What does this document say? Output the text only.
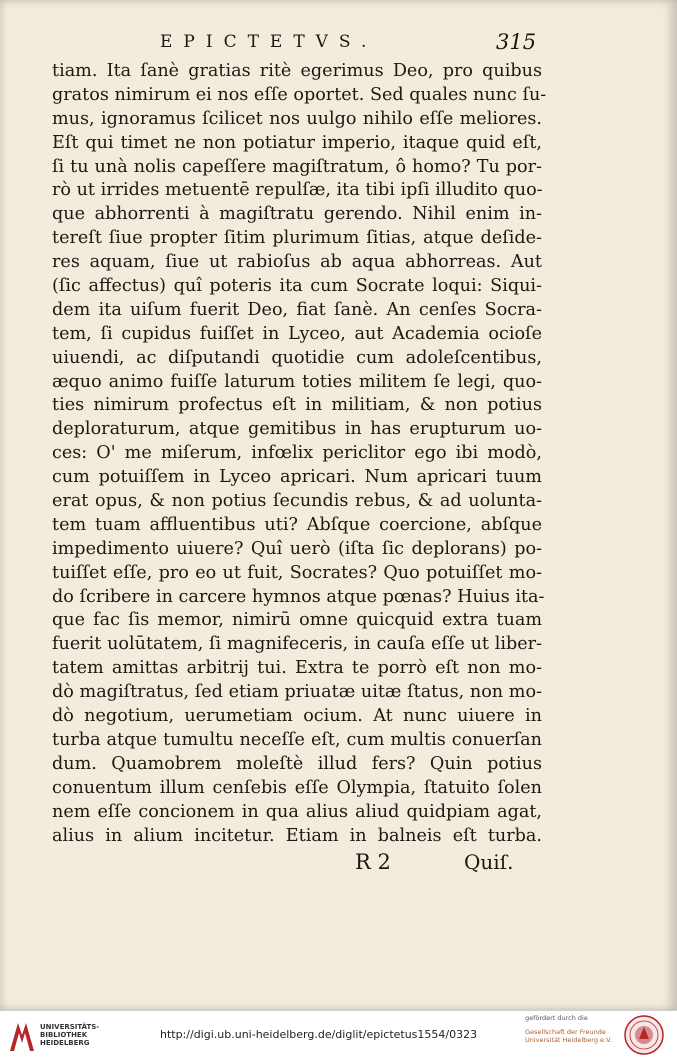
EPICTETVS.	315
tiam. Ita ſanè gratias ritè egerimus Deo, pro quibus
gratos nimirum ei nos eſſe oportet. Sed quales nunc ſu-
mus, ignoramus ſcilicet nos uulgo nihilo eſſe meliores.
Eſt qui timet ne non potiatur imperio, itaque quid eſt,
ſi tu unà nolis capeſſere magiſtratum, ô homo? Tu por-
rò ut irrides metuentē repulſæ, ita tibi ipſi illudito quo-
que abhorrenti à magiſtratu gerendo. Nihil enim in-
tereſt ſiue propter ſitim plurimum ſitias, atque deſide-
res aquam, ſiue ut rabioſus ab aqua abhorreas. Aut
(ſic affectus) quî poteris ita cum Socrate loqui: Siqui-
dem ita uiſum fuerit Deo, fiat ſanè. An cenſes Socra-
tem, ſi cupidus fuiſſet in Lyceo, aut Academia ocioſe
uiuendi, ac diſputandi quotidie cum adoleſcentibus,
æquo animo fuiſſe laturum toties militem ſe legi, quo-
ties nimirum profectus eſt in militiam, & non potius
deploraturum, atque gemitibus in has erupturum uo-
ces: O' me miſerum, infœlix periclitor ego ibi modò,
cum potuiſſem in Lyceo apricari. Num apricari tuum
erat opus, & non potius ſecundis rebus, & ad uolunta-
tem tuam affluentibus uti? Abſque coercione, abſque
impedimento uiuere? Quî uerò (iſta ſic deplorans) po-
tuiſſet eſſe, pro eo ut fuit, Socrates? Quo potuiſſet mo-
do ſcribere in carcere hymnos atque pœnas? Huius ita-
que fac ſis memor, nimirū omne quicquid extra tuam
fuerit uolūtatem, ſi magnifeceris, in cauſa eſſe ut liber-
tatem amittas arbitrij tui. Extra te porrò eſt non mo-
dò magiſtratus, ſed etiam priuatæ uitæ ſtatus, non mo-
dò negotium, uerumetiam ocium. At nunc uiuere in
turba atque tumultu neceſſe eſt, cum multis conuerſan
dum. Quamobrem moleſtè illud fers? Quin potius
conuentum illum cenſebis eſſe Olympia, ſtatuito ſolen
nem eſſe concionem in qua alius aliud quidpiam agat,
alius in alium incitetur. Etiam in balneis eſt turba.
R 2	Quiſ.
UNIVERSITÄTS-
BIBLIOTHEK
HEIDELBERG
http://digi.ub.uni-heidelberg.de/diglit/epictetus1554/0323
gefördert durch die
Gesellschaft der Freunde
Universität Heidelberg e.V.
